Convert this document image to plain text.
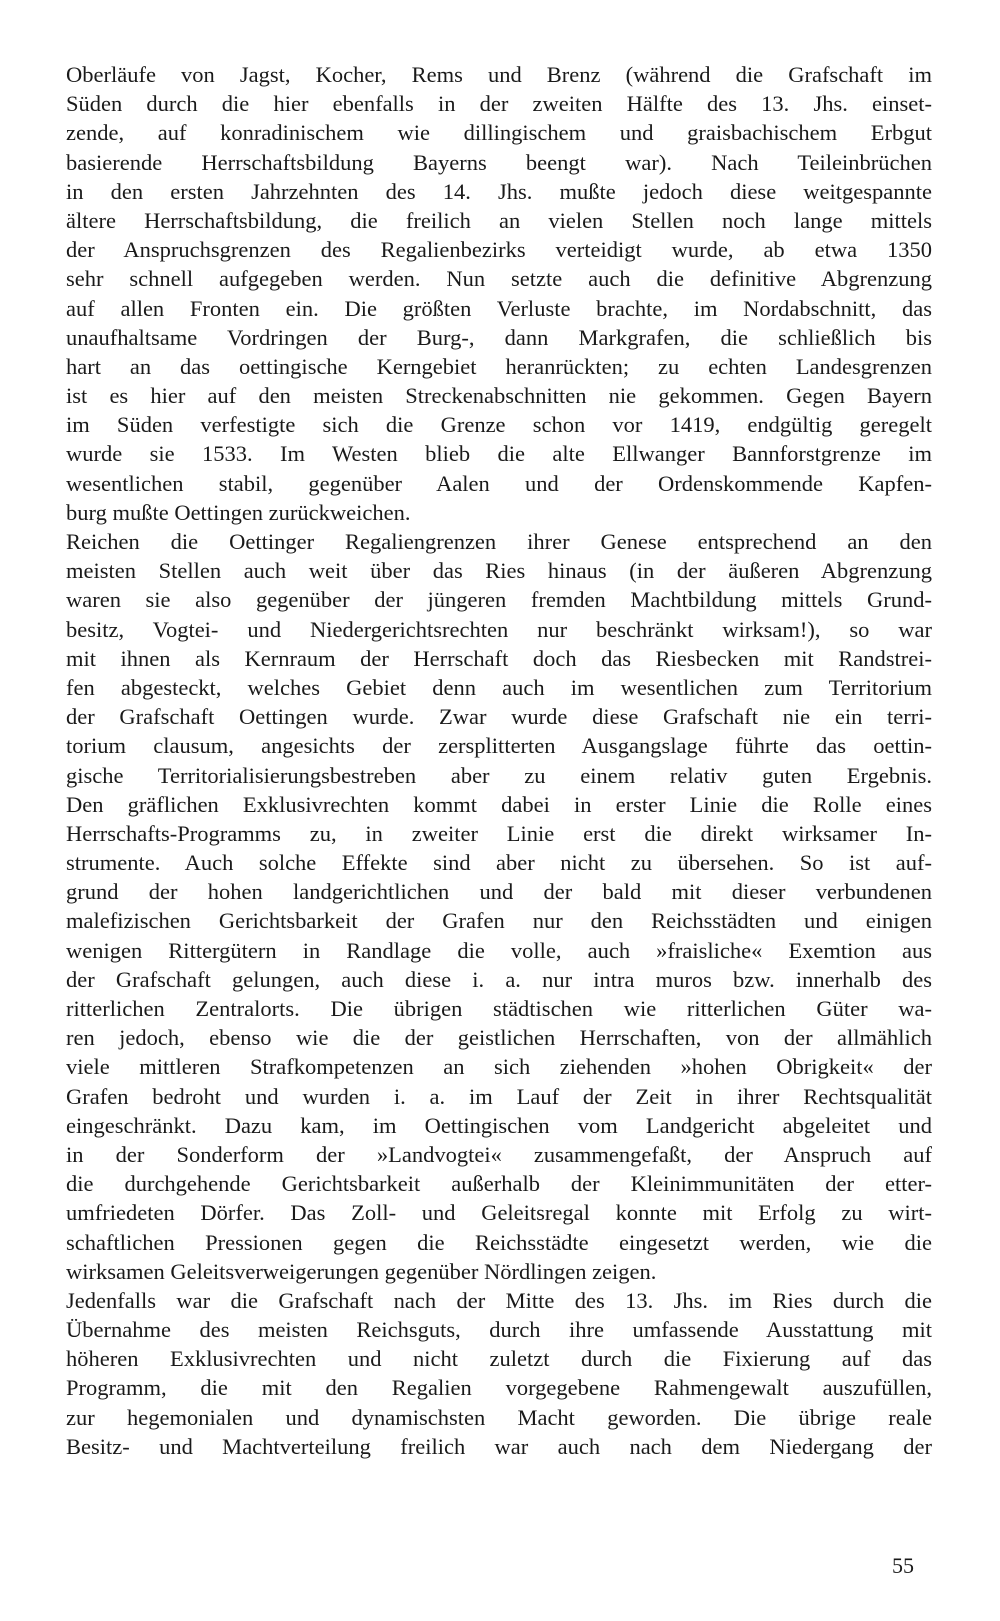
Oberläufe von Jagst, Kocher, Rems und Brenz (während die Grafschaft im
Süden durch die hier ebenfalls in der zweiten Hälfte des 13. Jhs. einset-
zende, auf konradinischem wie dillingischem und graisbachischem Erbgut
basierende Herrschaftsbildung Bayerns beengt war). Nach Teileinbrüchen
in den ersten Jahrzehnten des 14. Jhs. mußte jedoch diese weitgespannte
ältere Herrschaftsbildung, die freilich an vielen Stellen noch lange mittels
der Anspruchsgrenzen des Regalienbezirks verteidigt wurde, ab etwa 1350
sehr schnell aufgegeben werden. Nun setzte auch die definitive Abgrenzung
auf allen Fronten ein. Die größten Verluste brachte, im Nordabschnitt, das
unaufhaltsame Vordringen der Burg-, dann Markgrafen, die schließlich bis
hart an das oettingische Kerngebiet heranrückten; zu echten Landesgrenzen
ist es hier auf den meisten Streckenabschnitten nie gekommen. Gegen Bayern
im Süden verfestigte sich die Grenze schon vor 1419, endgültig geregelt
wurde sie 1533. Im Westen blieb die alte Ellwanger Bannforstgrenze im
wesentlichen stabil, gegenüber Aalen und der Ordenskommende Kapfen-
burg mußte Oettingen zurückweichen.
Reichen die Oettinger Regaliengrenzen ihrer Genese entsprechend an den
meisten Stellen auch weit über das Ries hinaus (in der äußeren Abgrenzung
waren sie also gegenüber der jüngeren fremden Machtbildung mittels Grund-
besitz, Vogtei- und Niedergerichtsrechten nur beschränkt wirksam!), so war
mit ihnen als Kernraum der Herrschaft doch das Riesbecken mit Randstrei-
fen abgesteckt, welches Gebiet denn auch im wesentlichen zum Territorium
der Grafschaft Oettingen wurde. Zwar wurde diese Grafschaft nie ein terri-
torium clausum, angesichts der zersplitterten Ausgangslage führte das oettin-
gische Territorialisierungsbestreben aber zu einem relativ guten Ergebnis.
Den gräflichen Exklusivrechten kommt dabei in erster Linie die Rolle eines
Herrschafts-Programms zu, in zweiter Linie erst die direkt wirksamer In-
strumente. Auch solche Effekte sind aber nicht zu übersehen. So ist auf-
grund der hohen landgerichtlichen und der bald mit dieser verbundenen
malefizischen Gerichtsbarkeit der Grafen nur den Reichsstädten und einigen
wenigen Rittergütern in Randlage die volle, auch »fraisliche« Exemtion aus
der Grafschaft gelungen, auch diese i. a. nur intra muros bzw. innerhalb des
ritterlichen Zentralorts. Die übrigen städtischen wie ritterlichen Güter wa-
ren jedoch, ebenso wie die der geistlichen Herrschaften, von der allmählich
viele mittleren Strafkompetenzen an sich ziehenden »hohen Obrigkeit« der
Grafen bedroht und wurden i. a. im Lauf der Zeit in ihrer Rechtsqualität
eingeschränkt. Dazu kam, im Oettingischen vom Landgericht abgeleitet und
in der Sonderform der »Landvogtei« zusammengefaßt, der Anspruch auf
die durchgehende Gerichtsbarkeit außerhalb der Kleinimmunitäten der etter-
umfriedeten Dörfer. Das Zoll- und Geleitsregal konnte mit Erfolg zu wirt-
schaftlichen Pressionen gegen die Reichsstädte eingesetzt werden, wie die
wirksamen Geleitsverweigerungen gegenüber Nördlingen zeigen.
Jedenfalls war die Grafschaft nach der Mitte des 13. Jhs. im Ries durch die
Übernahme des meisten Reichsguts, durch ihre umfassende Ausstattung mit
höheren Exklusivrechten und nicht zuletzt durch die Fixierung auf das
Programm, die mit den Regalien vorgegebene Rahmengewalt auszufüllen,
zur hegemonialen und dynamischsten Macht geworden. Die übrige reale
Besitz- und Machtverteilung freilich war auch nach dem Niedergang der
55
